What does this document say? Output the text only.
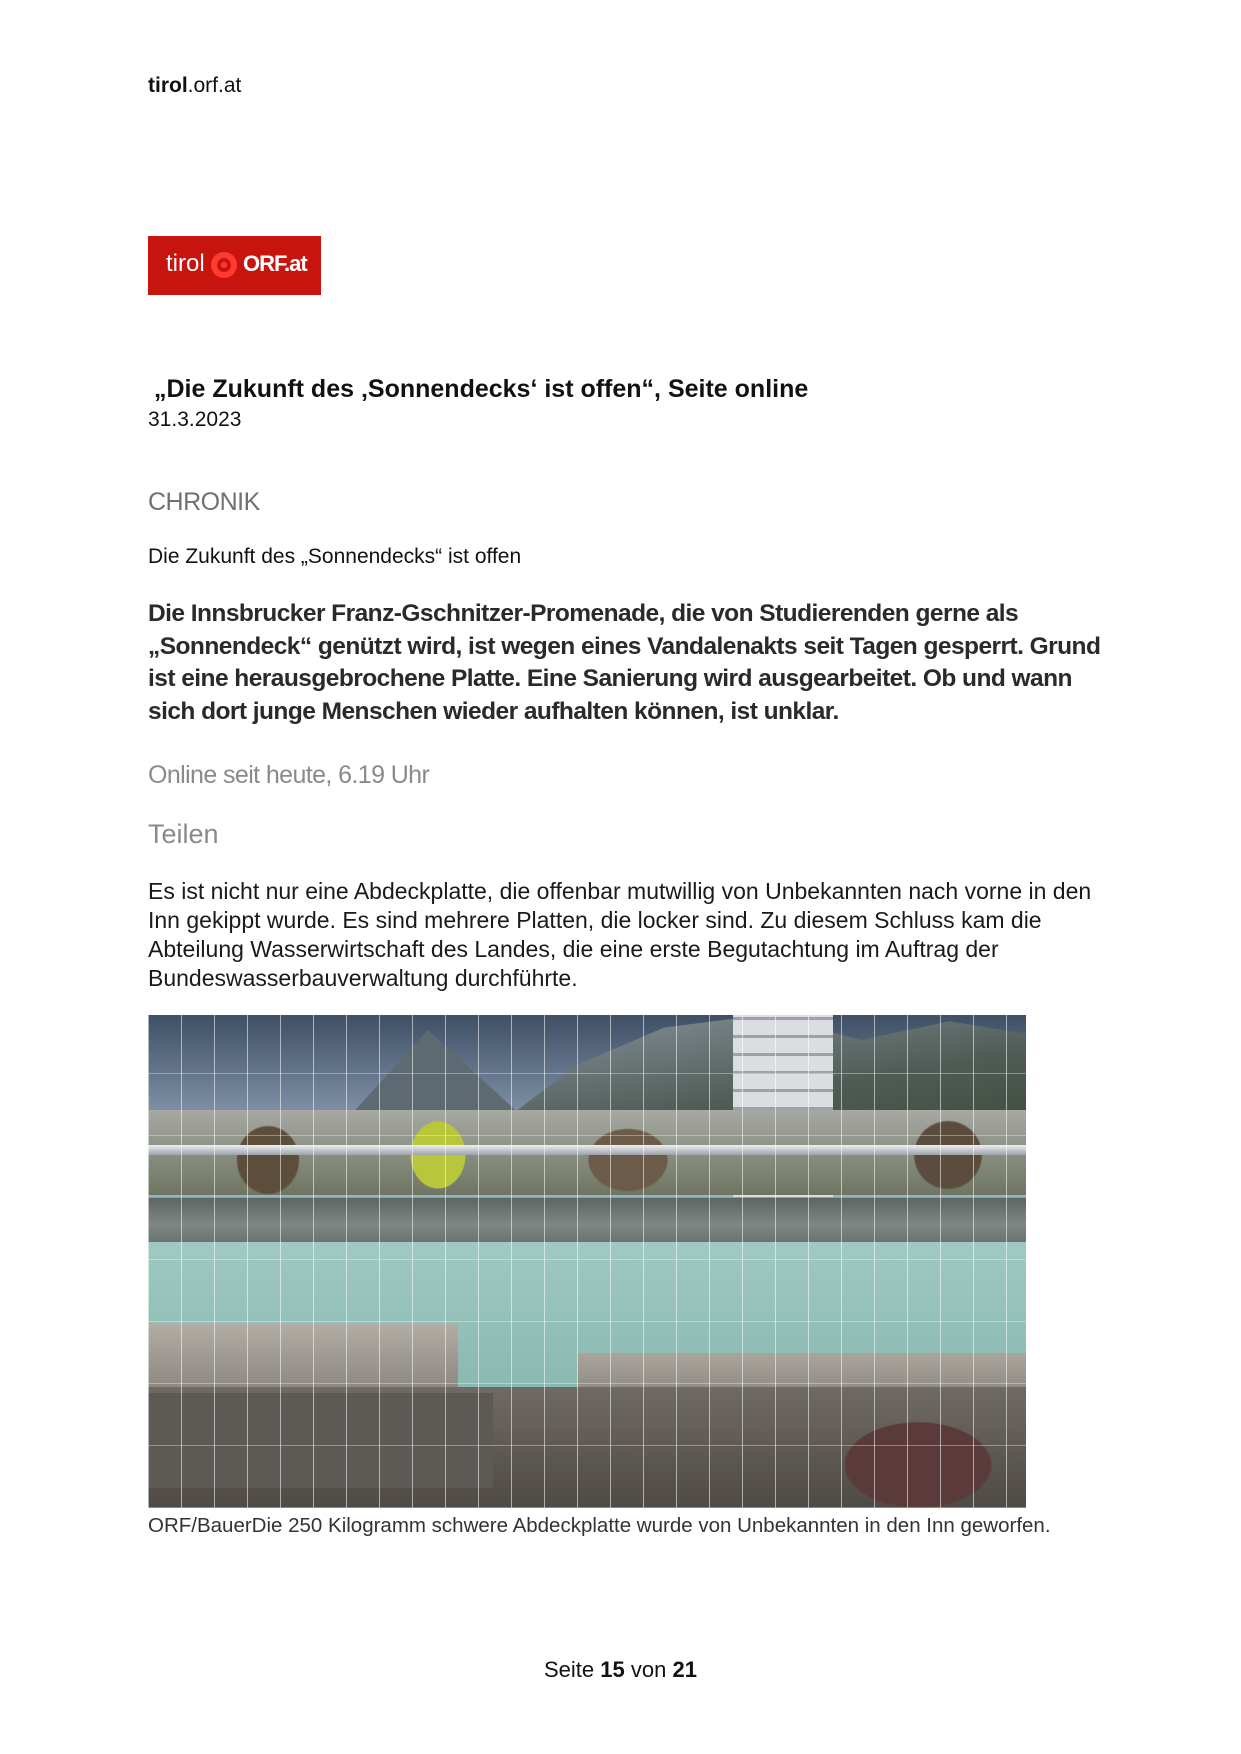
tirol.orf.at
tirol ORF.at
„Die Zukunft des ‚Sonnendecks‘ ist offen“, Seite online
31.3.2023
CHRONIK
Die Zukunft des „Sonnendecks“ ist offen
Die Innsbrucker Franz-Gschnitzer-Promenade, die von Studierenden gerne als „Sonnendeck“ genützt wird, ist wegen eines Vandalenakts seit Tagen gesperrt. Grund ist eine herausgebrochene Platte. Eine Sanierung wird ausgearbeitet. Ob und wann sich dort junge Menschen wieder aufhalten können, ist unklar.
Online seit heute, 6.19 Uhr
Teilen
Es ist nicht nur eine Abdeckplatte, die offenbar mutwillig von Unbekannten nach vorne in den Inn gekippt wurde. Es sind mehrere Platten, die locker sind. Zu diesem Schluss kam die Abteilung Wasserwirtschaft des Landes, die eine erste Begutachtung im Auftrag der Bundeswasserbauverwaltung durchführte.
ORF/BauerDie 250 Kilogramm schwere Abdeckplatte wurde von Unbekannten in den Inn geworfen.
Seite 15 von 21
